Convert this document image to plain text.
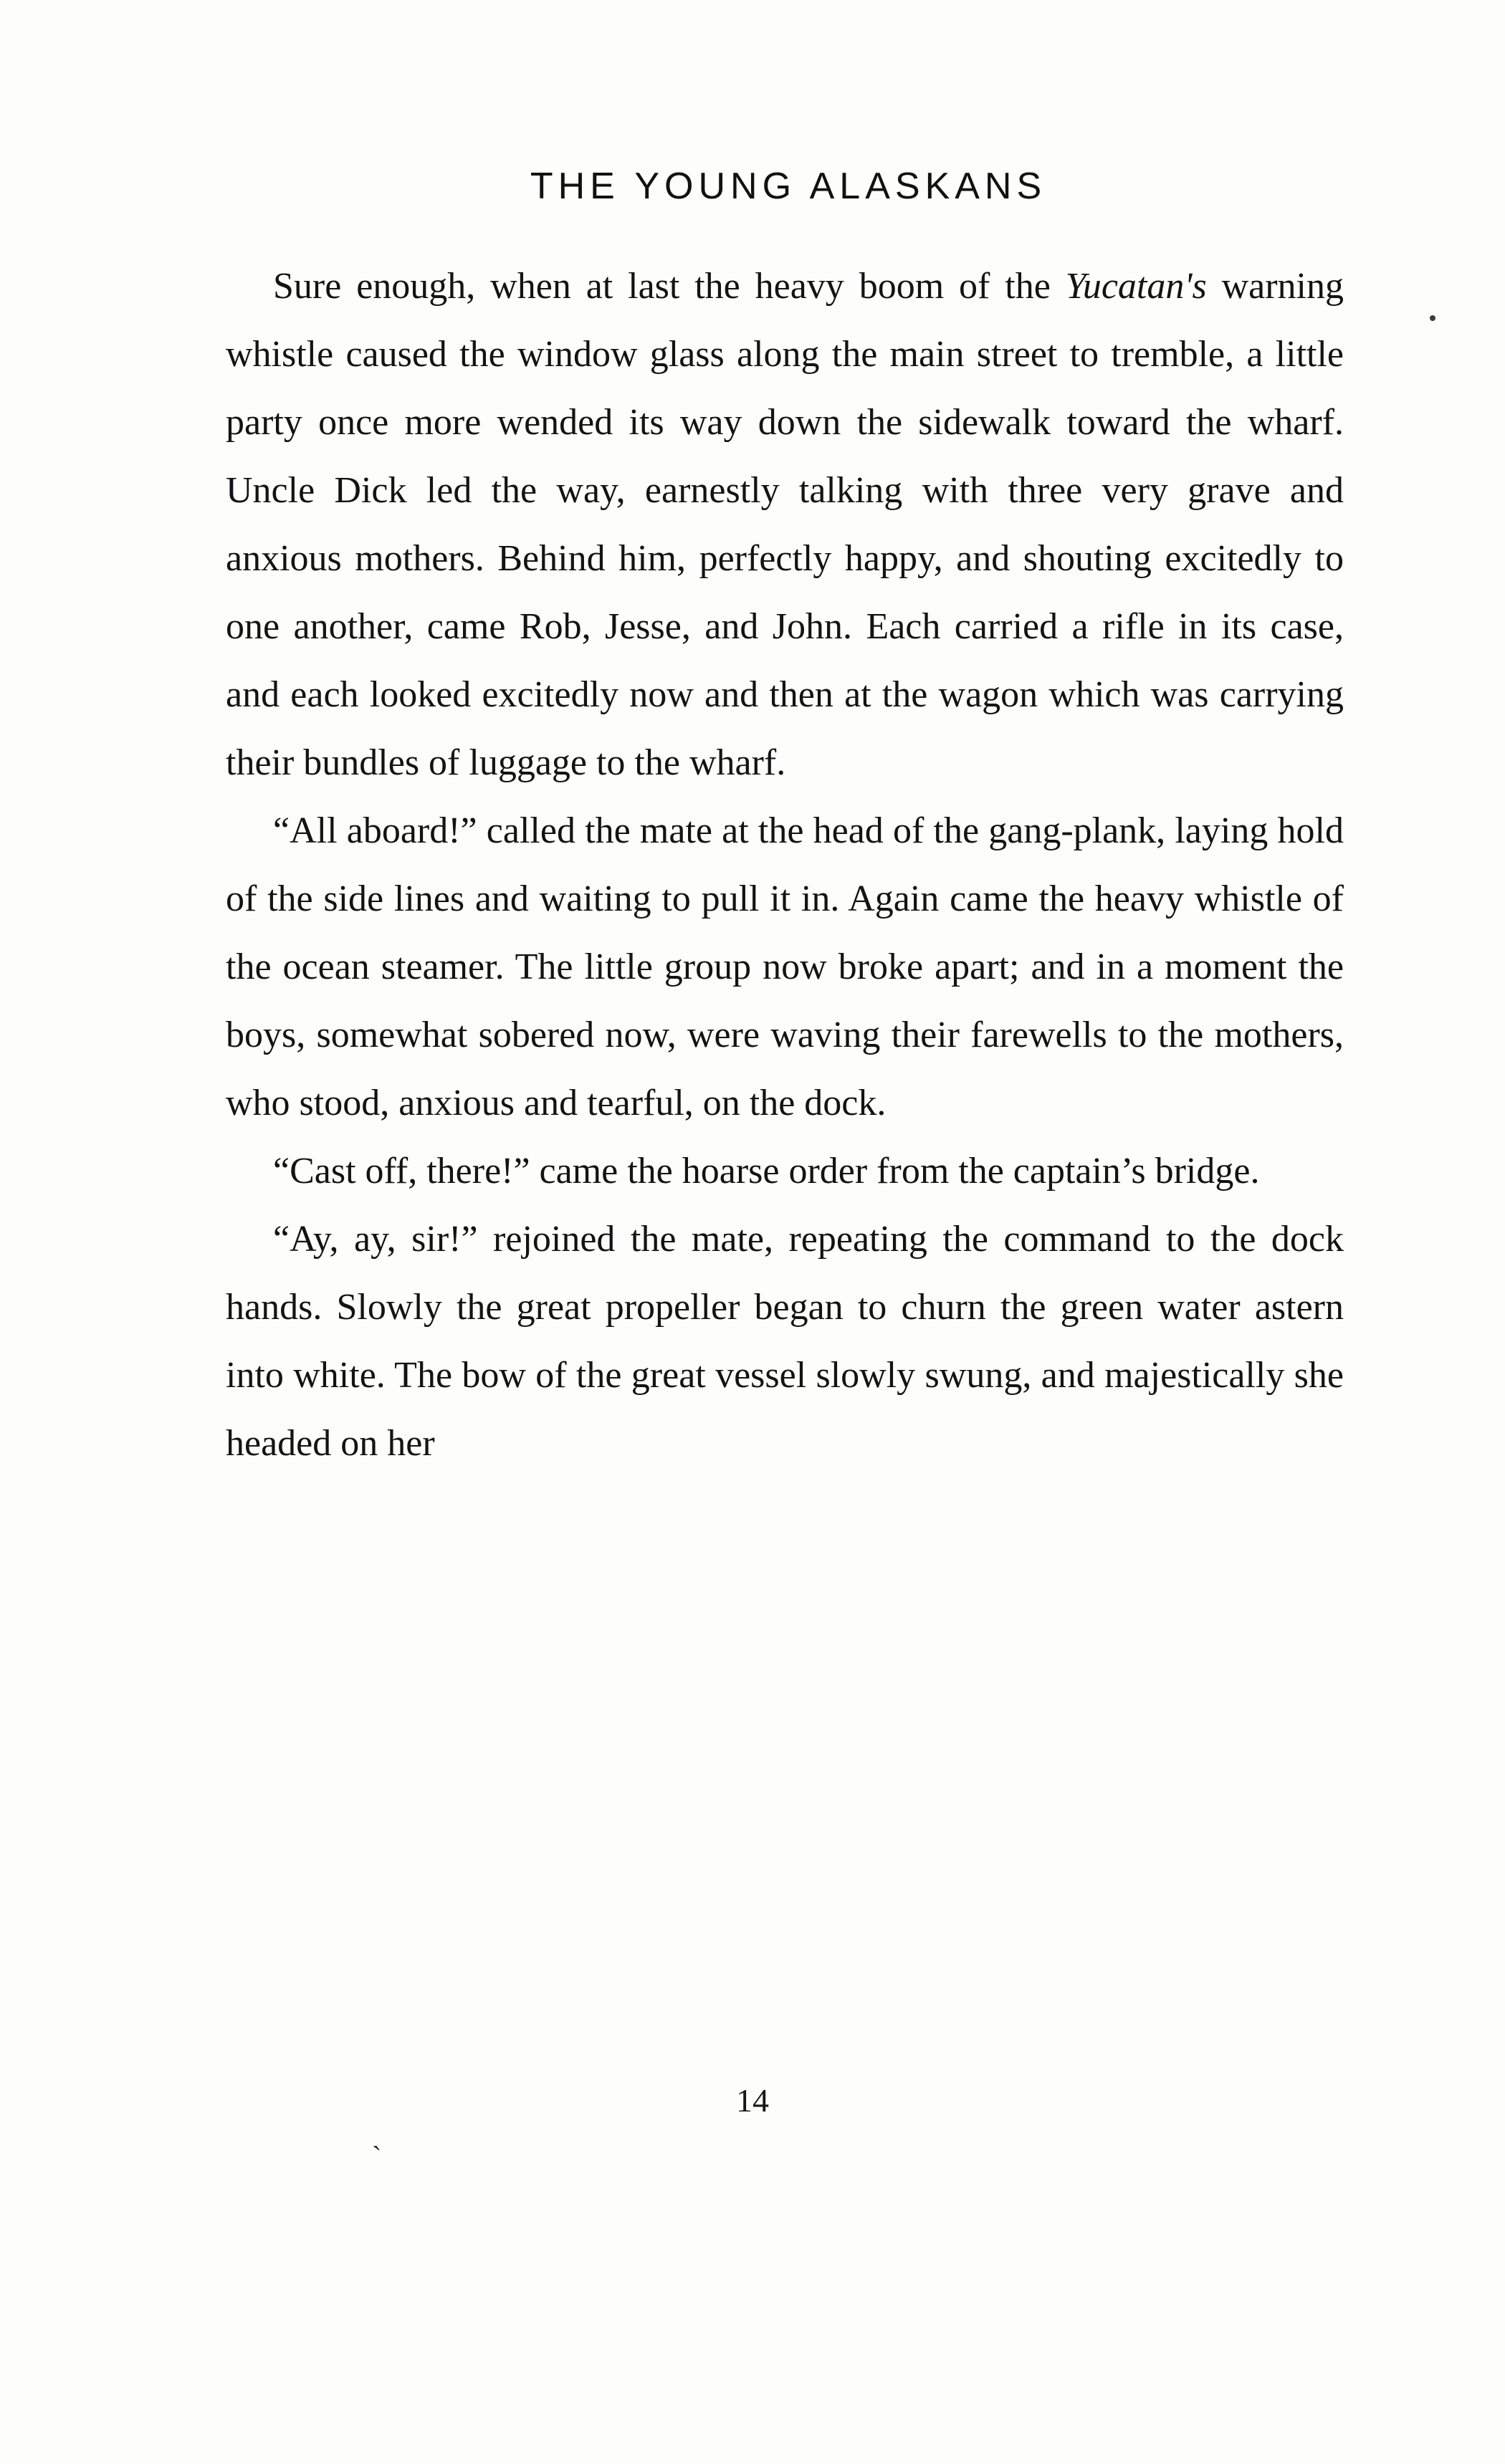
THE YOUNG ALASKANS

Sure enough, when at last the heavy boom of the Yucatan's warning whistle caused the window glass along the main street to tremble, a little party once more wended its way down the sidewalk toward the wharf. Uncle Dick led the way, earnestly talking with three very grave and anxious mothers. Behind him, perfectly happy, and shouting excitedly to one another, came Rob, Jesse, and John. Each carried a rifle in its case, and each looked excitedly now and then at the wagon which was carrying their bundles of luggage to the wharf.

“All aboard!” called the mate at the head of the gang-plank, laying hold of the side lines and waiting to pull it in. Again came the heavy whistle of the ocean steamer. The little group now broke apart; and in a moment the boys, somewhat sobered now, were waving their farewells to the mothers, who stood, anxious and tearful, on the dock.

“Cast off, there!” came the hoarse order from the captain’s bridge.

“Ay, ay, sir!” rejoined the mate, repeating the command to the dock hands. Slowly the great propeller began to churn the green water astern into white. The bow of the great vessel slowly swung, and majestically she headed on her

14
ˋ
